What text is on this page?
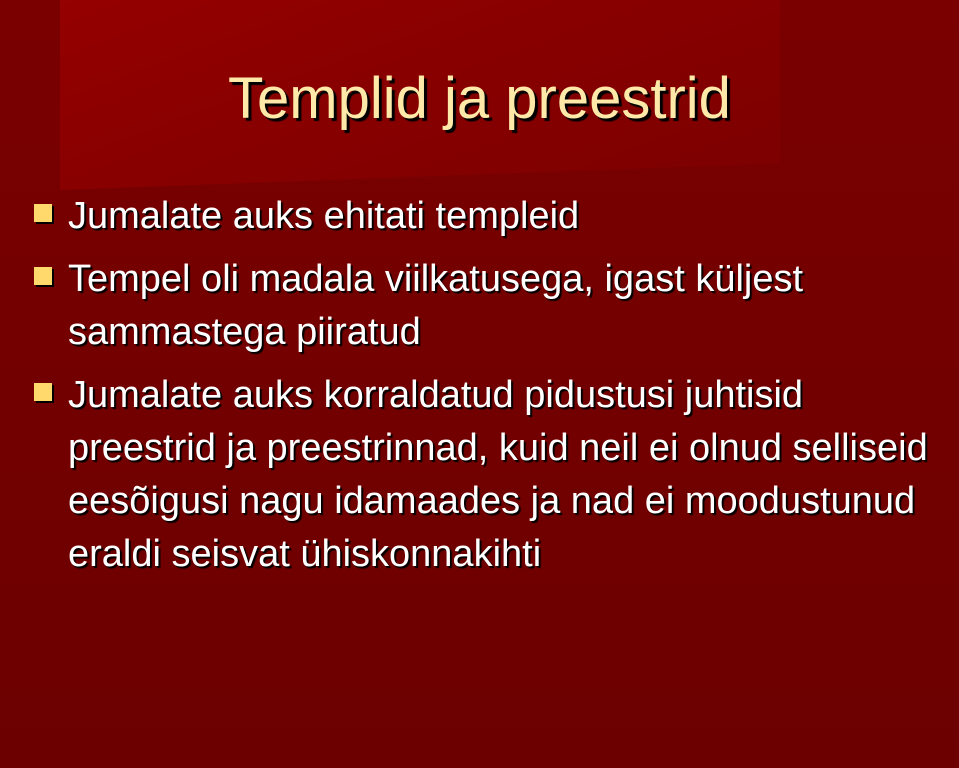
Templid ja preestrid
Jumalate auks ehitati templeid
Tempel oli madala viilkatusega, igast küljest sammastega piiratud
Jumalate auks korraldatud pidustusi juhtisid preestrid ja preestrinnad, kuid neil ei olnud selliseid eesõigusi nagu idamaades ja nad ei moodustunud eraldi seisvat ühiskonnakihti
